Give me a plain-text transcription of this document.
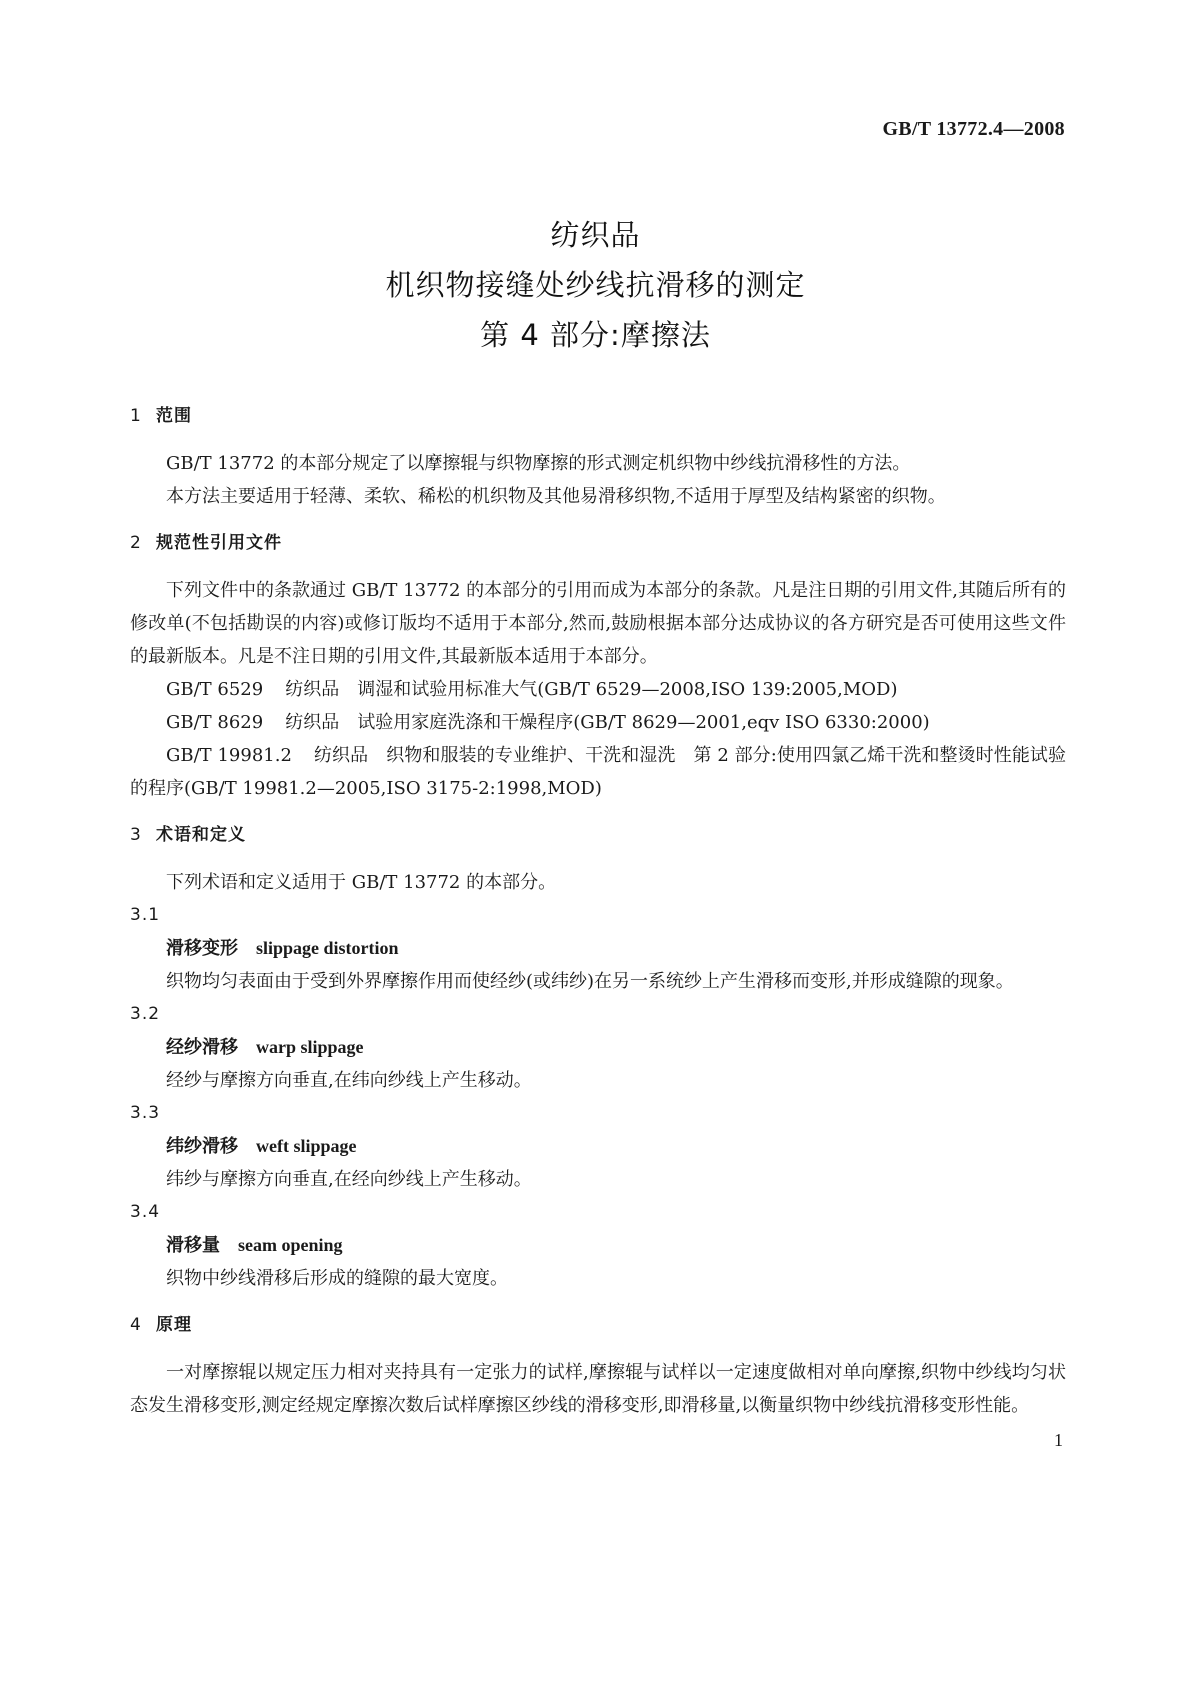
GB/T 13772.4—2008
纺织品
机织物接缝处纱线抗滑移的测定
第 4 部分:摩擦法
1 范围

GB/T 13772 的本部分规定了以摩擦辊与织物摩擦的形式测定机织物中纱线抗滑移性的方法。

本方法主要适用于轻薄、柔软、稀松的机织物及其他易滑移织物,不适用于厚型及结构紧密的织物。

2 规范性引用文件

下列文件中的条款通过 GB/T 13772 的本部分的引用而成为本部分的条款。凡是注日期的引用文件,其随后所有的修改单(不包括勘误的内容)或修订版均不适用于本部分,然而,鼓励根据本部分达成协议的各方研究是否可使用这些文件的最新版本。凡是不注日期的引用文件,其最新版本适用于本部分。

GB/T 6529 纺织品　调湿和试验用标准大气(GB/T 6529—2008,ISO 139:2005,MOD)

GB/T 8629 纺织品　试验用家庭洗涤和干燥程序(GB/T 8629—2001,eqv ISO 6330:2000)

GB/T 19981.2 纺织品　织物和服装的专业维护、干洗和湿洗　第 2 部分:使用四氯乙烯干洗和整烫时性能试验的程序(GB/T 19981.2—2005,ISO 3175-2:1998,MOD)

3 术语和定义

下列术语和定义适用于 GB/T 13772 的本部分。

3.1

滑移变形 slippage distortion

织物均匀表面由于受到外界摩擦作用而使经纱(或纬纱)在另一系统纱上产生滑移而变形,并形成缝隙的现象。

3.2

经纱滑移 warp slippage

经纱与摩擦方向垂直,在纬向纱线上产生移动。

3.3

纬纱滑移 weft slippage

纬纱与摩擦方向垂直,在经向纱线上产生移动。

3.4

滑移量 seam opening

织物中纱线滑移后形成的缝隙的最大宽度。

4 原理

一对摩擦辊以规定压力相对夹持具有一定张力的试样,摩擦辊与试样以一定速度做相对单向摩擦,织物中纱线均匀状态发生滑移变形,测定经规定摩擦次数后试样摩擦区纱线的滑移变形,即滑移量,以衡量织物中纱线抗滑移变形性能。

1
